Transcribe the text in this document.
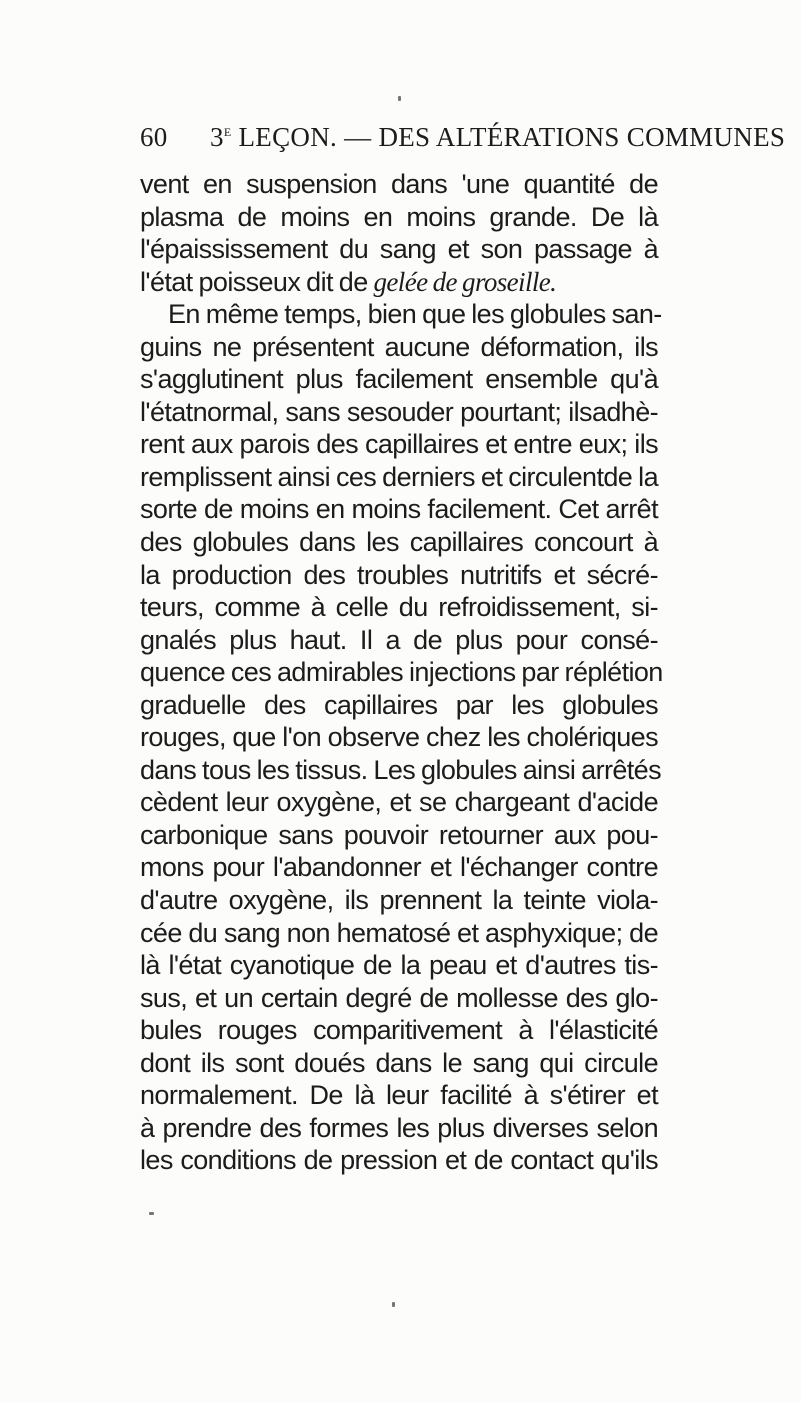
60 3e LEÇON. — DES ALTÉRATIONS COMMUNES
vent en suspension dans 'une quantité de
plasma de moins en moins grande. De là
l'épaississement du sang et son passage à
l'état poisseux dit de gelée de groseille.
En même temps, bien que les globules san-
guins ne présentent aucune déformation, ils
s'agglutinent plus facilement ensemble qu'à
l'étatnormal, sans sesouder pourtant; ilsadhè-
rent aux parois des capillaires et entre eux; ils
remplissent ainsi ces derniers et circulentde la
sorte de moins en moins facilement. Cet arrêt
des globules dans les capillaires concourt à
la production des troubles nutritifs et sécré-
teurs, comme à celle du refroidissement, si-
gnalés plus haut. Il a de plus pour consé-
quence ces admirables injections par réplétion
graduelle des capillaires par les globules
rouges, que l'on observe chez les cholériques
dans tous les tissus. Les globules ainsi arrêtés
cèdent leur oxygène, et se chargeant d'acide
carbonique sans pouvoir retourner aux pou-
mons pour l'abandonner et l'échanger contre
d'autre oxygène, ils prennent la teinte viola-
cée du sang non hematosé et asphyxique; de
là l'état cyanotique de la peau et d'autres tis-
sus, et un certain degré de mollesse des glo-
bules rouges comparitivement à l'élasticité
dont ils sont doués dans le sang qui circule
normalement. De là leur facilité à s'étirer et
à prendre des formes les plus diverses selon
les conditions de pression et de contact qu'ils
